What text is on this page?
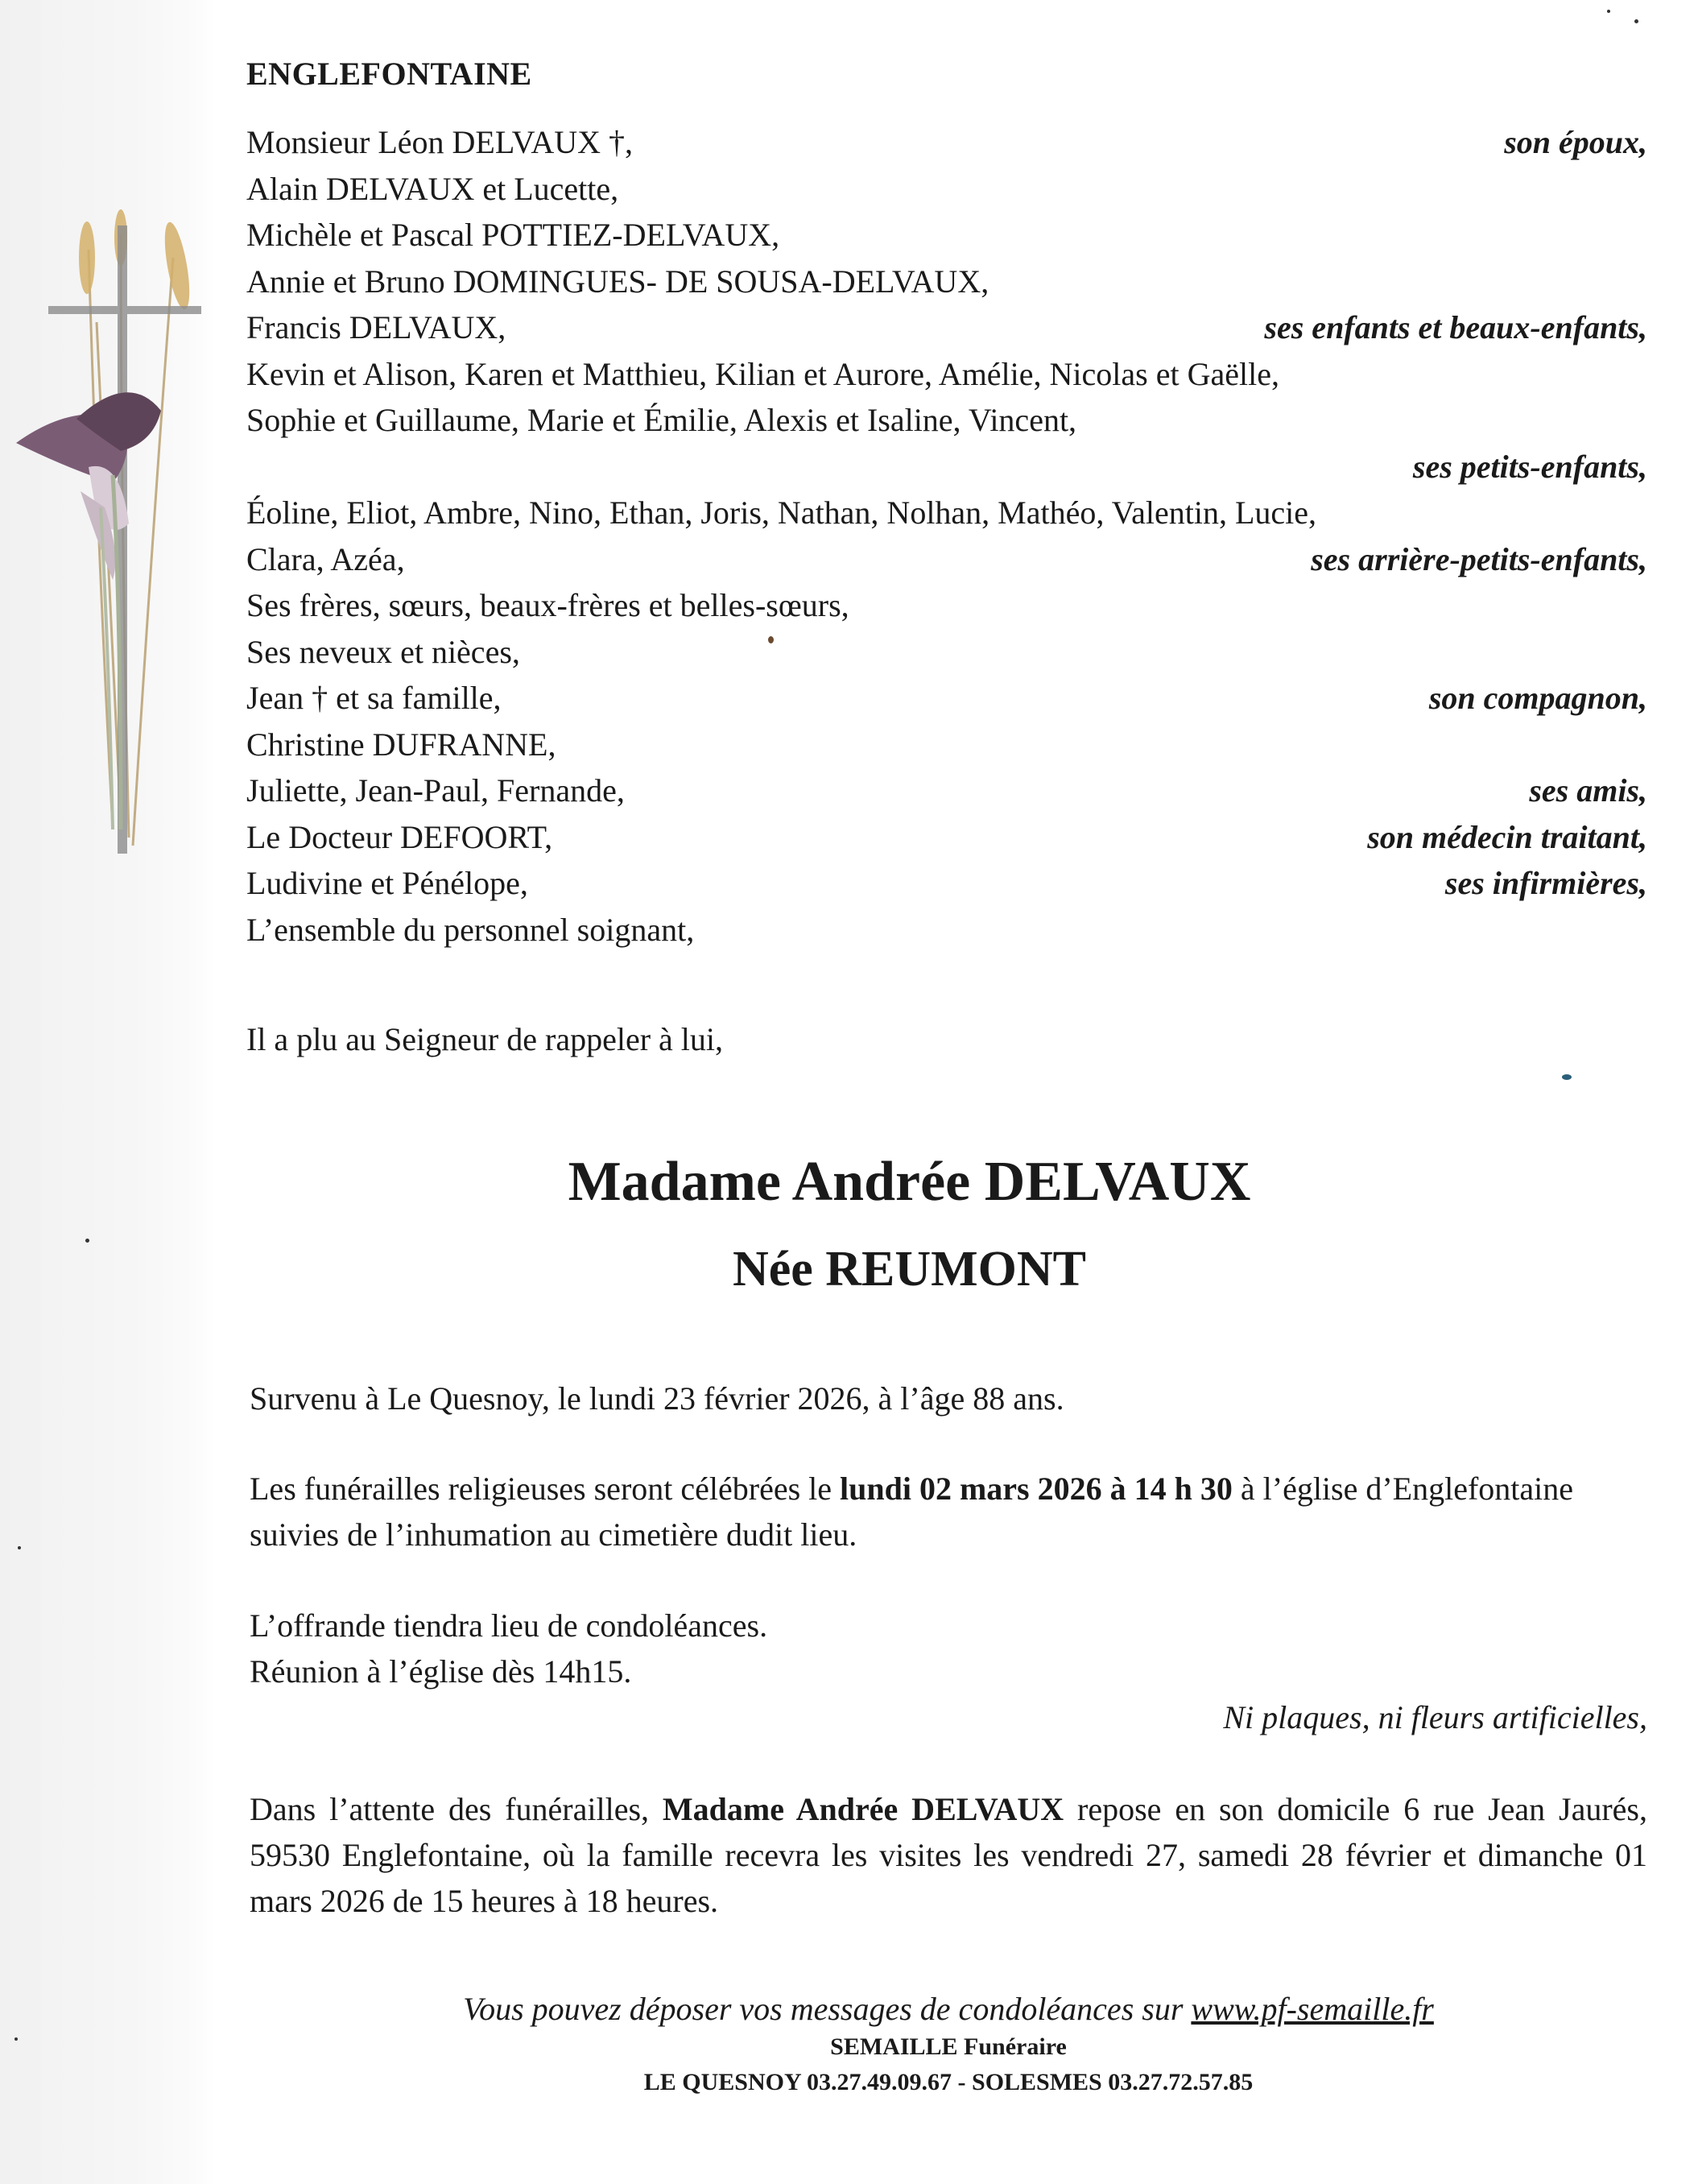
ENGLEFONTAINE
Monsieur Léon DELVAUX †,	son époux,
Alain DELVAUX et Lucette,
Michèle et Pascal POTTIEZ-DELVAUX,
Annie et Bruno DOMINGUES- DE SOUSA-DELVAUX,
Francis DELVAUX,	ses enfants et beaux-enfants,
Kevin et Alison, Karen et Matthieu, Kilian et Aurore, Amélie, Nicolas et Gaëlle,
Sophie et Guillaume, Marie et Émilie, Alexis et Isaline, Vincent,
ses petits-enfants,
Éoline, Eliot, Ambre, Nino, Ethan, Joris, Nathan, Nolhan, Mathéo, Valentin, Lucie,
Clara, Azéa,	ses arrière-petits-enfants,
Ses frères, sœurs, beaux-frères et belles-sœurs,
Ses neveux et nièces,
Jean † et sa famille,	son compagnon,
Christine DUFRANNE,
Juliette, Jean-Paul, Fernande,	ses amis,
Le Docteur DEFOORT,	son médecin traitant,
Ludivine et Pénélope,	ses infirmières,
L’ensemble du personnel soignant,
Il a plu au Seigneur de rappeler à lui,
Madame Andrée DELVAUX
Née REUMONT
Survenu à Le Quesnoy, le lundi 23 février 2026, à l’âge 88 ans.
Les funérailles religieuses seront célébrées le lundi 02 mars 2026 à 14 h 30 à l’église d’Englefontaine suivies de l’inhumation au cimetière dudit lieu.
L’offrande tiendra lieu de condoléances.
Réunion à l’église dès 14h15.
Ni plaques, ni fleurs artificielles,
Dans l’attente des funérailles, Madame Andrée DELVAUX repose en son domicile 6 rue Jean Jaurés, 59530 Englefontaine, où la famille recevra les visites les vendredi 27, samedi 28 février et dimanche 01 mars 2026 de 15 heures à 18 heures.
Vous pouvez déposer vos messages de condoléances sur www.pf-semaille.fr
SEMAILLE Funéraire
LE QUESNOY 03.27.49.09.67 - SOLESMES 03.27.72.57.85
